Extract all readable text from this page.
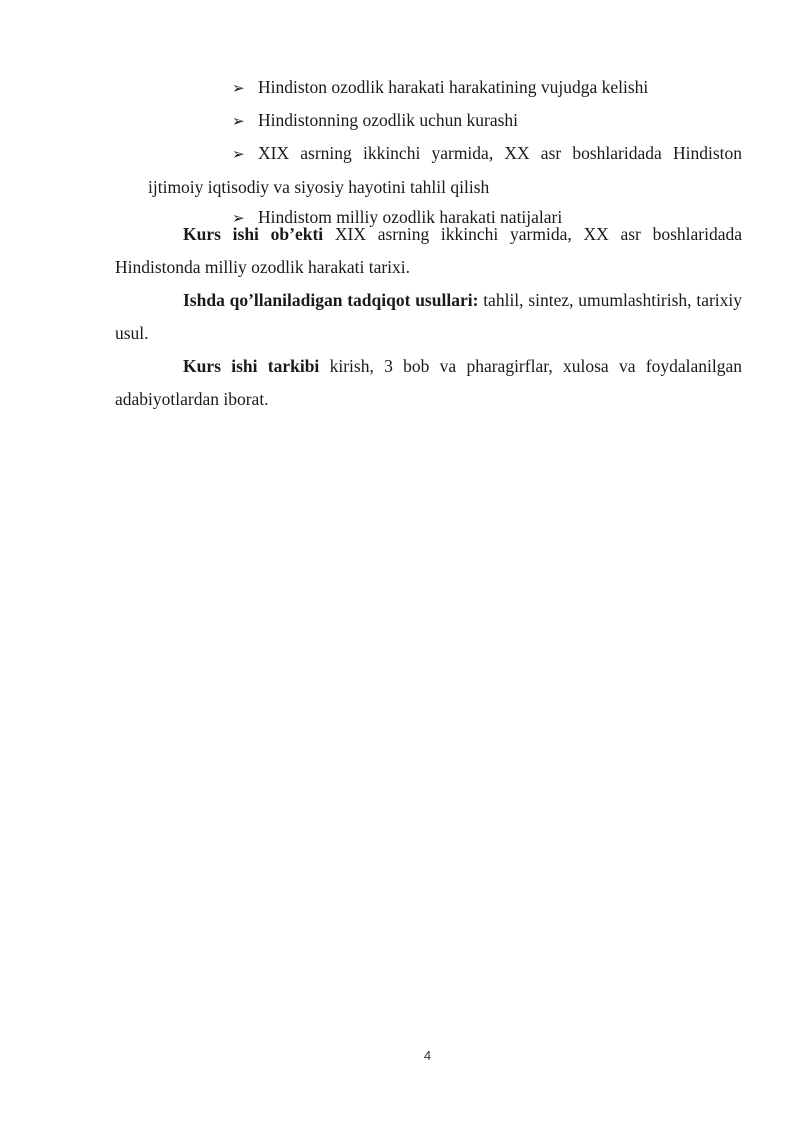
➢ Hindiston ozodlik harakati harakatining vujudga kelishi
➢ Hindistonning ozodlik uchun kurashi
➢ XIX asrning ikkinchi yarmida, XX asr boshlaridada Hindiston ijtimoiy iqtisodiy va siyosiy hayotini tahlil qilish
➢ Hindistom milliy ozodlik harakati natijalari

Kurs ishi ob’ekti XIX asrning ikkinchi yarmida, XX asr boshlaridada Hindistonda milliy ozodlik harakati tarixi.

Ishda qo’llaniladigan tadqiqot usullari: tahlil, sintez, umumlashtirish, tarixiy usul.

Kurs ishi tarkibi kirish, 3 bob va pharagirflar, xulosa va foydalanilgan adabiyotlardan iborat.

4
